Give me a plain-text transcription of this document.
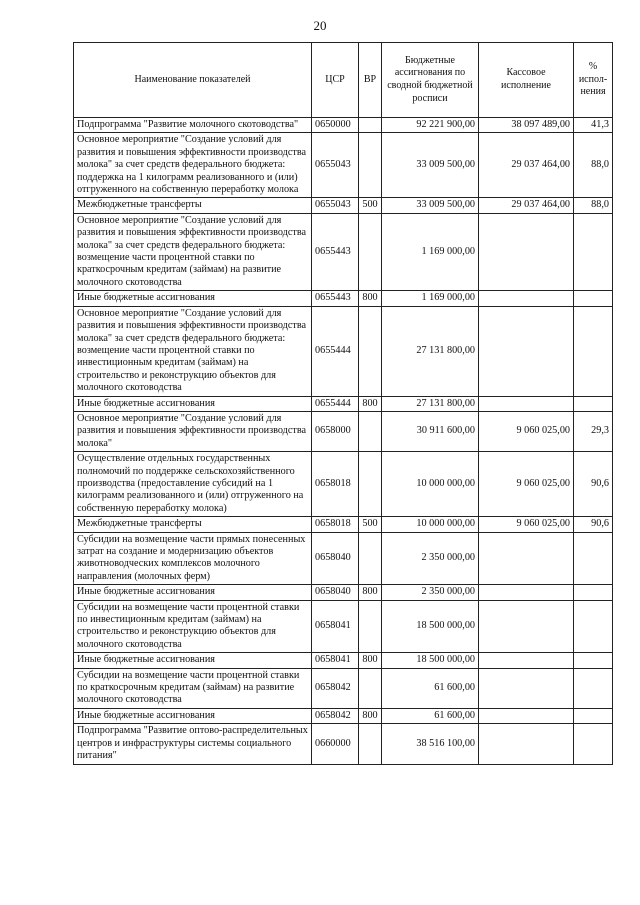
20
Наименование показателей	ЦСР	ВР	Бюджетные ассигнования по сводной бюджетной росписи	Кассовое исполнение	% испол-нения
Подпрограмма "Развитие молочного скотоводства"	0650000		92 221 900,00	38 097 489,00	41,3
Основное мероприятие "Создание условий для развития и повышения эффективности производства молока" за счет средств федерального бюджета: поддержка на 1 килограмм реализованного и (или) отгруженного на собственную переработку молока	0655043		33 009 500,00	29 037 464,00	88,0
Межбюджетные трансферты	0655043	500	33 009 500,00	29 037 464,00	88,0
Основное мероприятие "Создание условий для развития и повышения эффективности производства молока" за счет средств федерального бюджета: возмещение части процентной ставки по краткосрочным кредитам (займам) на развитие молочного скотоводства	0655443		1 169 000,00		
Иные бюджетные ассигнования	0655443	800	1 169 000,00		
Основное мероприятие "Создание условий для развития и повышения эффективности производства молока" за счет средств федерального бюджета: возмещение части процентной ставки по инвестиционным кредитам (займам) на строительство и реконструкцию объектов для молочного скотоводства	0655444		27 131 800,00		
Иные бюджетные ассигнования	0655444	800	27 131 800,00		
Основное мероприятие "Создание условий для развития и повышения эффективности производства молока"	0658000		30 911 600,00	9 060 025,00	29,3
Осуществление отдельных государственных полномочий по поддержке сельскохозяйственного производства (предоставление субсидий на 1 килограмм реализованного и (или) отгруженного на собственную переработку молока)	0658018		10 000 000,00	9 060 025,00	90,6
Межбюджетные трансферты	0658018	500	10 000 000,00	9 060 025,00	90,6
Субсидии на возмещение части прямых понесенных затрат на создание и модернизацию объектов животноводческих комплексов молочного направления (молочных ферм)	0658040		2 350 000,00		
Иные бюджетные ассигнования	0658040	800	2 350 000,00		
Субсидии на возмещение части процентной ставки по инвестиционным кредитам (займам) на строительство и реконструкцию объектов для молочного скотоводства	0658041		18 500 000,00		
Иные бюджетные ассигнования	0658041	800	18 500 000,00		
Субсидии на возмещение части процентной ставки по краткосрочным кредитам (займам) на развитие молочного скотоводства	0658042		61 600,00		
Иные бюджетные ассигнования	0658042	800	61 600,00		
Подпрограмма "Развитие оптово-распределительных центров и инфраструктуры системы социального питания"	0660000		38 516 100,00		
